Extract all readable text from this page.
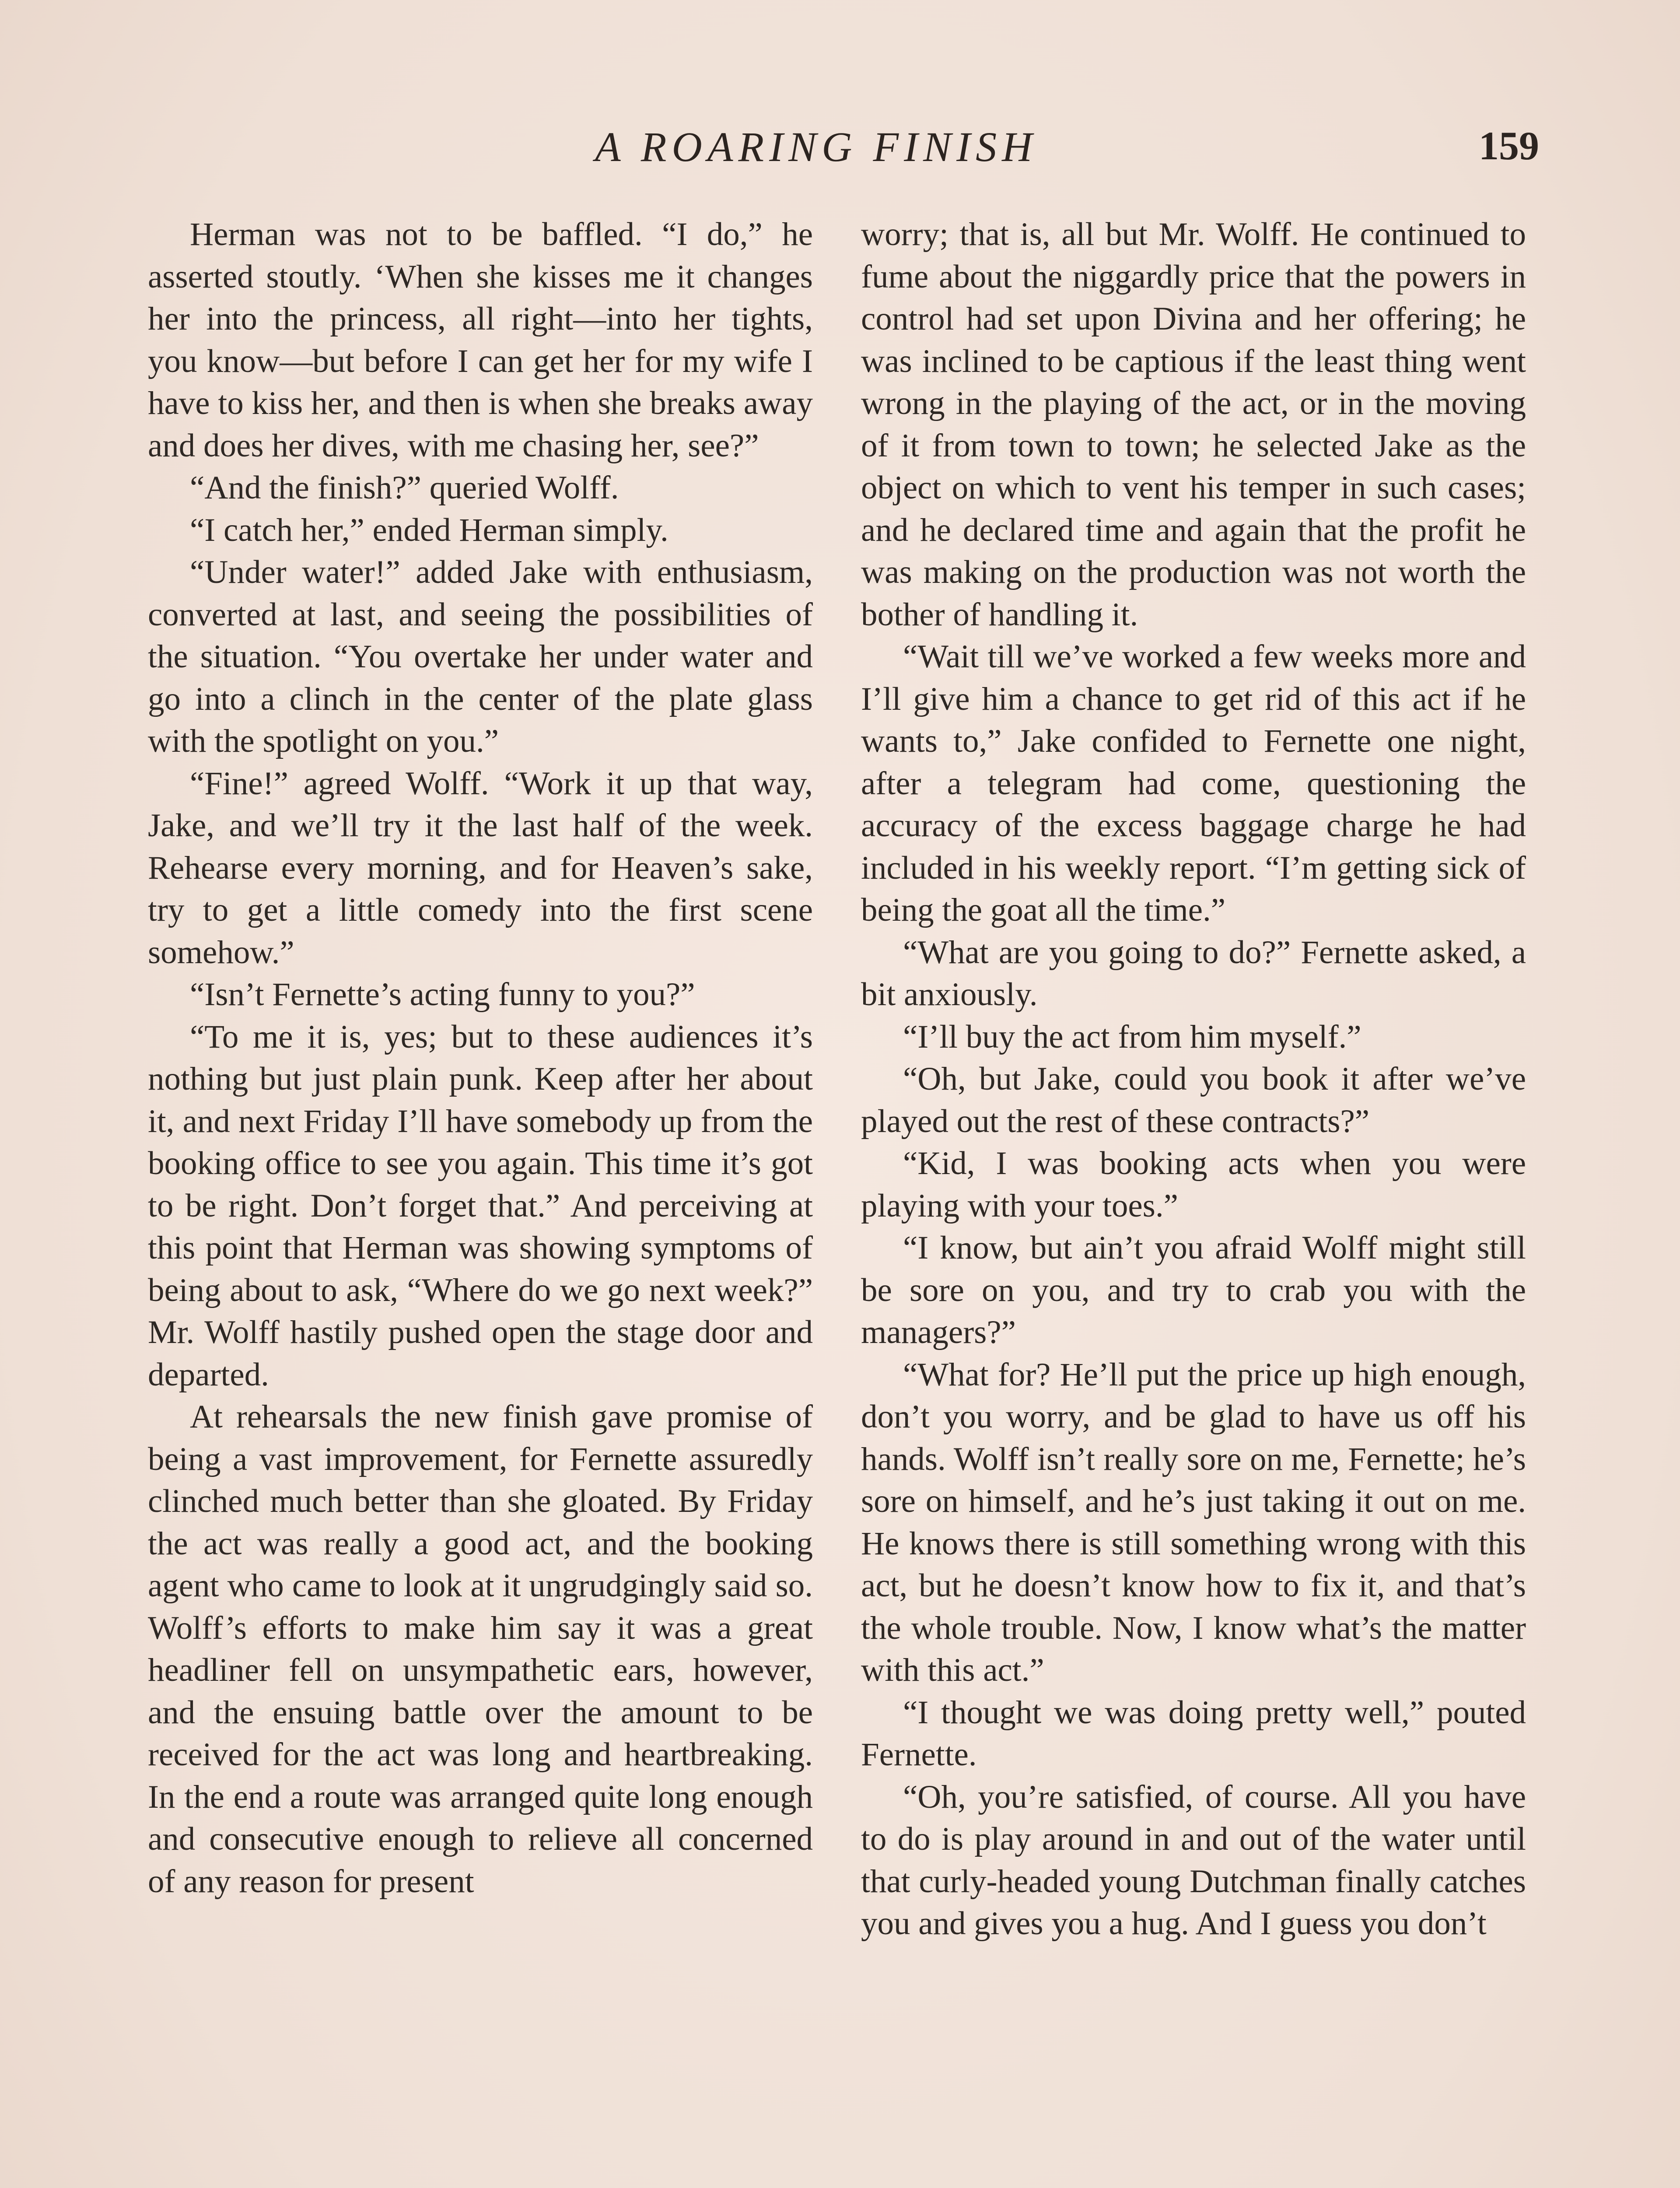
A ROARING FINISH	159

Herman was not to be baffled. “I do,” he asserted stoutly. ‘When she kisses me it changes her into the princess, all right—into her tights, you know—but before I can get her for my wife I have to kiss her, and then is when she breaks away and does her dives, with me chasing her, see?”

“And the finish?” queried Wolff.

“I catch her,” ended Herman simply.

“Under water!” added Jake with enthusiasm, converted at last, and seeing the possibilities of the situation. “You overtake her under water and go into a clinch in the center of the plate glass with the spotlight on you.”

“Fine!” agreed Wolff. “Work it up that way, Jake, and we’ll try it the last half of the week. Rehearse every morning, and for Heaven’s sake, try to get a little comedy into the first scene somehow.”

“Isn’t Fernette’s acting funny to you?”

“To me it is, yes; but to these audiences it’s nothing but just plain punk. Keep after her about it, and next Friday I’ll have somebody up from the booking office to see you again. This time it’s got to be right. Don’t forget that.” And perceiving at this point that Herman was showing symptoms of being about to ask, “Where do we go next week?” Mr. Wolff hastily pushed open the stage door and departed.

At rehearsals the new finish gave promise of being a vast improvement, for Fernette assuredly clinched much better than she gloated. By Friday the act was really a good act, and the booking agent who came to look at it ungrudgingly said so. Wolff’s efforts to make him say it was a great headliner fell on unsympathetic ears, however, and the ensuing battle over the amount to be received for the act was long and heartbreaking. In the end a route was arranged quite long enough and consecutive enough to relieve all concerned of any reason for present

worry; that is, all but Mr. Wolff. He continued to fume about the niggardly price that the powers in control had set upon Divina and her offering; he was inclined to be captious if the least thing went wrong in the playing of the act, or in the moving of it from town to town; he selected Jake as the object on which to vent his temper in such cases; and he declared time and again that the profit he was making on the production was not worth the bother of handling it.

“Wait till we’ve worked a few weeks more and I’ll give him a chance to get rid of this act if he wants to,” Jake confided to Fernette one night, after a telegram had come, questioning the accuracy of the excess baggage charge he had included in his weekly report. “I’m getting sick of being the goat all the time.”

“What are you going to do?” Fernette asked, a bit anxiously.

“I’ll buy the act from him myself.”

“Oh, but Jake, could you book it after we’ve played out the rest of these contracts?”

“Kid, I was booking acts when you were playing with your toes.”

“I know, but ain’t you afraid Wolff might still be sore on you, and try to crab you with the managers?”

“What for? He’ll put the price up high enough, don’t you worry, and be glad to have us off his hands. Wolff isn’t really sore on me, Fernette; he’s sore on himself, and he’s just taking it out on me. He knows there is still something wrong with this act, but he doesn’t know how to fix it, and that’s the whole trouble. Now, I know what’s the matter with this act.”

“I thought we was doing pretty well,” pouted Fernette.

“Oh, you’re satisfied, of course. All you have to do is play around in and out of the water until that curly-headed young Dutchman finally catches you and gives you a hug. And I guess you don’t
